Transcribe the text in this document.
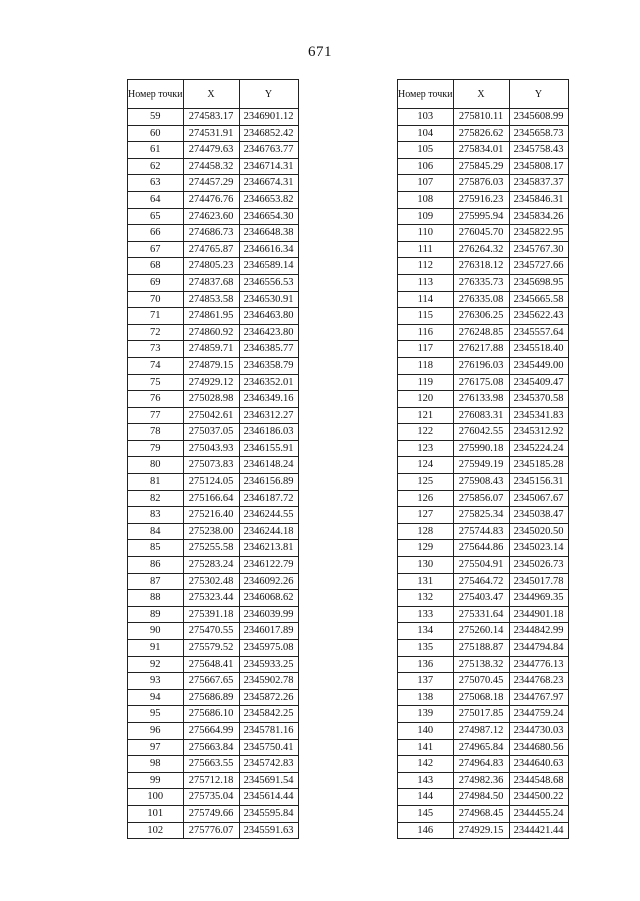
671
Номер точки	X	Y
59	274583.17	2346901.12
60	274531.91	2346852.42
61	274479.63	2346763.77
62	274458.32	2346714.31
63	274457.29	2346674.31
64	274476.76	2346653.82
65	274623.60	2346654.30
66	274686.73	2346648.38
67	274765.87	2346616.34
68	274805.23	2346589.14
69	274837.68	2346556.53
70	274853.58	2346530.91
71	274861.95	2346463.80
72	274860.92	2346423.80
73	274859.71	2346385.77
74	274879.15	2346358.79
75	274929.12	2346352.01
76	275028.98	2346349.16
77	275042.61	2346312.27
78	275037.05	2346186.03
79	275043.93	2346155.91
80	275073.83	2346148.24
81	275124.05	2346156.89
82	275166.64	2346187.72
83	275216.40	2346244.55
84	275238.00	2346244.18
85	275255.58	2346213.81
86	275283.24	2346122.79
87	275302.48	2346092.26
88	275323.44	2346068.62
89	275391.18	2346039.99
90	275470.55	2346017.89
91	275579.52	2345975.08
92	275648.41	2345933.25
93	275667.65	2345902.78
94	275686.89	2345872.26
95	275686.10	2345842.25
96	275664.99	2345781.16
97	275663.84	2345750.41
98	275663.55	2345742.83
99	275712.18	2345691.54
100	275735.04	2345614.44
101	275749.66	2345595.84
102	275776.07	2345591.63
Номер точки	X	Y
103	275810.11	2345608.99
104	275826.62	2345658.73
105	275834.01	2345758.43
106	275845.29	2345808.17
107	275876.03	2345837.37
108	275916.23	2345846.31
109	275995.94	2345834.26
110	276045.70	2345822.95
111	276264.32	2345767.30
112	276318.12	2345727.66
113	276335.73	2345698.95
114	276335.08	2345665.58
115	276306.25	2345622.43
116	276248.85	2345557.64
117	276217.88	2345518.40
118	276196.03	2345449.00
119	276175.08	2345409.47
120	276133.98	2345370.58
121	276083.31	2345341.83
122	276042.55	2345312.92
123	275990.18	2345224.24
124	275949.19	2345185.28
125	275908.43	2345156.31
126	275856.07	2345067.67
127	275825.34	2345038.47
128	275744.83	2345020.50
129	275644.86	2345023.14
130	275504.91	2345026.73
131	275464.72	2345017.78
132	275403.47	2344969.35
133	275331.64	2344901.18
134	275260.14	2344842.99
135	275188.87	2344794.84
136	275138.32	2344776.13
137	275070.45	2344768.23
138	275068.18	2344767.97
139	275017.85	2344759.24
140	274987.12	2344730.03
141	274965.84	2344680.56
142	274964.83	2344640.63
143	274982.36	2344548.68
144	274984.50	2344500.22
145	274968.45	2344455.24
146	274929.15	2344421.44
